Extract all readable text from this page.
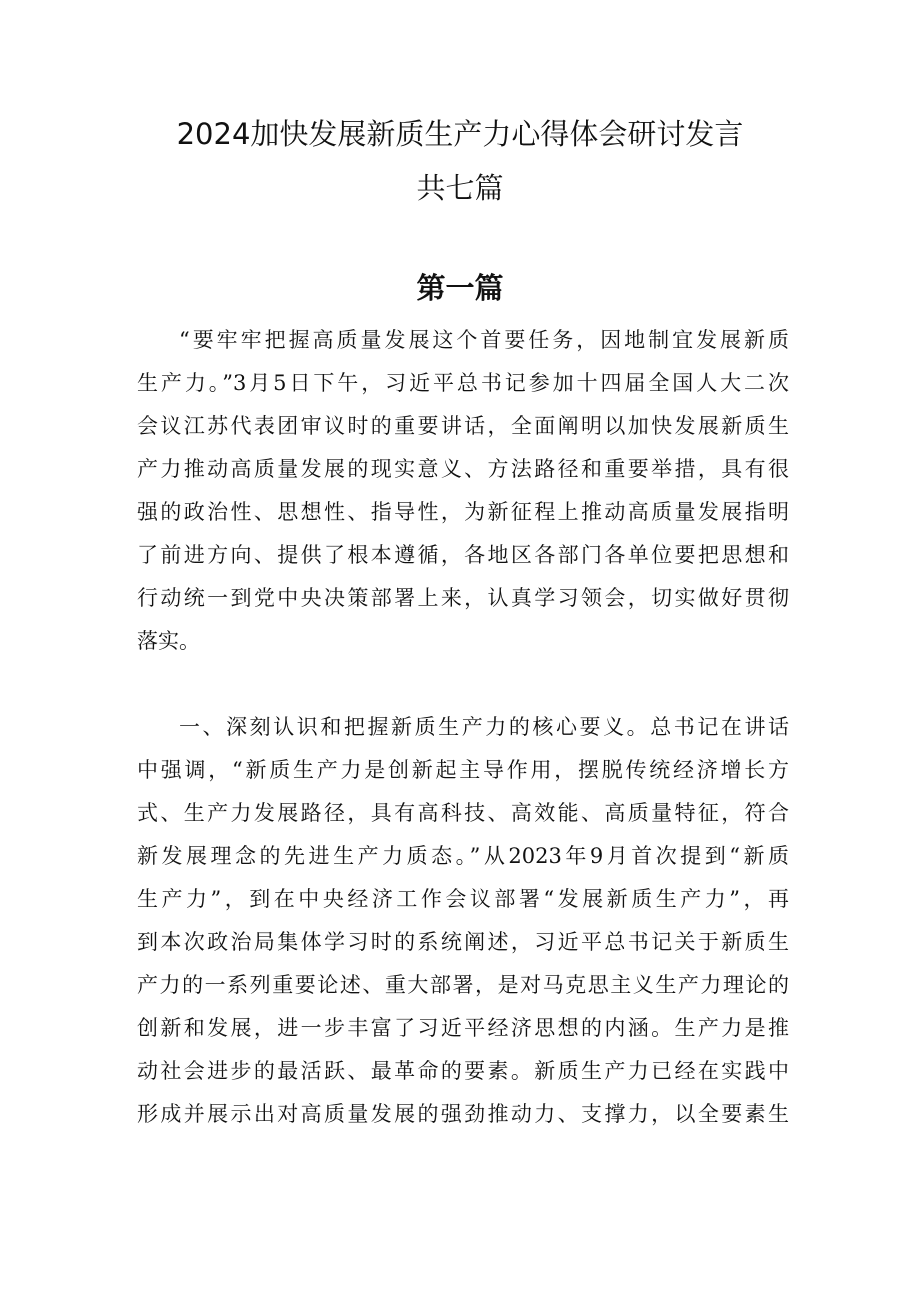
2024加快发展新质生产力心得体会研讨发言
共七篇
第一篇
“要牢牢把握高质量发展这个首要任务，因地制宜发展新质
生产力。”3月5日下午，习近平总书记参加十四届全国人大二次
会议江苏代表团审议时的重要讲话，全面阐明以加快发展新质生
产力推动高质量发展的现实意义、方法路径和重要举措，具有很
强的政治性、思想性、指导性，为新征程上推动高质量发展指明
了前进方向、提供了根本遵循，各地区各部门各单位要把思想和
行动统一到党中央决策部署上来，认真学习领会，切实做好贯彻
落实。
一、深刻认识和把握新质生产力的核心要义。总书记在讲话
中强调，“新质生产力是创新起主导作用，摆脱传统经济增长方
式、生产力发展路径，具有高科技、高效能、高质量特征，符合
新发展理念的先进生产力质态。”从2023年9月首次提到“新质
生产力”，到在中央经济工作会议部署“发展新质生产力”，再
到本次政治局集体学习时的系统阐述，习近平总书记关于新质生
产力的一系列重要论述、重大部署，是对马克思主义生产力理论的
创新和发展，进一步丰富了习近平经济思想的内涵。生产力是推
动社会进步的最活跃、最革命的要素。新质生产力已经在实践中
形成并展示出对高质量发展的强劲推动力、支撑力，以全要素生
